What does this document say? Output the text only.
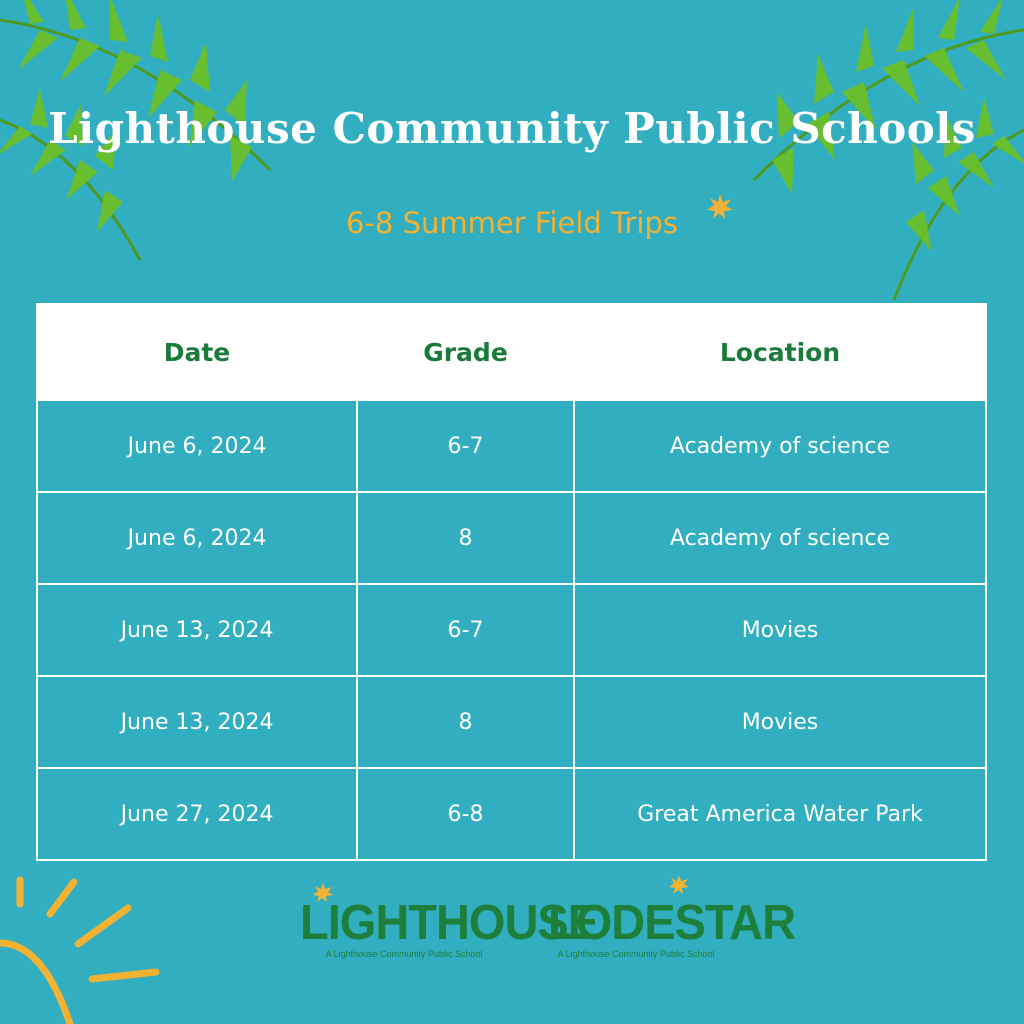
Lighthouse Community Public Schools
6-8 Summer Field Trips
Date	Grade	Location
June 6, 2024	6-7	Academy of science
June 6, 2024	8	Academy of science
June 13, 2024	6-7	Movies
June 13, 2024	8	Movies
June 27, 2024	6-8	Great America Water Park
LIGHTHOUSE
A Lighthouse Community Public School
LODESTAR
A Lighthouse Community Public School
